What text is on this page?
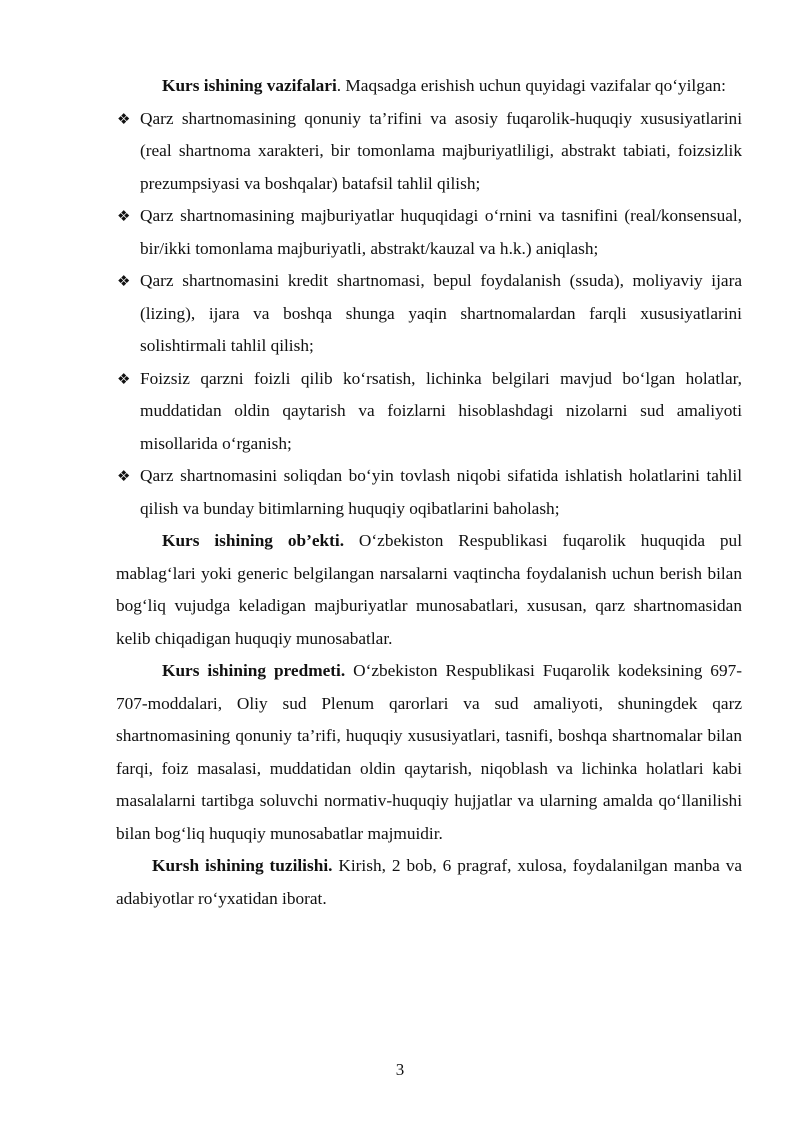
Kurs ishining vazifalari. Maqsadga erishish uchun quyidagi vazifalar qo‘yilgan:

❖ Qarz shartnomasining qonuniy ta’rifini va asosiy fuqarolik-huquqiy xususiyatlarini (real shartnoma xarakteri, bir tomonlama majburiyatliligi, abstrakt tabiati, foizsizlik prezumpsiyasi va boshqalar) batafsil tahlil qilish;
❖ Qarz shartnomasining majburiyatlar huquqidagi o‘rnini va tasnifini (real/konsensual, bir/ikki tomonlama majburiyatli, abstrakt/kauzal va h.k.) aniqlash;
❖ Qarz shartnomasini kredit shartnomasi, bepul foydalanish (ssuda), moliyaviy ijara (lizing), ijara va boshqa shunga yaqin shartnomalardan farqli xususiyatlarini solishtirmali tahlil qilish;
❖ Foizsiz qarzni foizli qilib ko‘rsatish, lichinka belgilari mavjud bo‘lgan holatlar, muddatidan oldin qaytarish va foizlarni hisoblashdagi nizolarni sud amaliyoti misollarida o‘rganish;
❖ Qarz shartnomasini soliqdan bo‘yin tovlash niqobi sifatida ishlatish holatlarini tahlil qilish va bunday bitimlarning huquqiy oqibatlarini baholash;

Kurs ishining ob’ekti. O‘zbekiston Respublikasi fuqarolik huquqida pul mablag‘lari yoki generic belgilangan narsalarni vaqtincha foydalanish uchun berish bilan bog‘liq vujudga keladigan majburiyatlar munosabatlari, xususan, qarz shartnomasidan kelib chiqadigan huquqiy munosabatlar.

Kurs ishining predmeti. O‘zbekiston Respublikasi Fuqarolik kodeksining 697-707-moddalari, Oliy sud Plenum qarorlari va sud amaliyoti, shuningdek qarz shartnomasining qonuniy ta’rifi, huquqiy xususiyatlari, tasnifi, boshqa shartnomalar bilan farqi, foiz masalasi, muddatidan oldin qaytarish, niqoblash va lichinka holatlari kabi masalalarni tartibga soluvchi normativ-huquqiy hujjatlar va ularning amalda qo‘llanilishi bilan bog‘liq huquqiy munosabatlar majmuidir.

Kursh ishining tuzilishi. Kirish, 2 bob, 6 pragraf, xulosa, foydalanilgan manba va adabiyotlar ro‘yxatidan iborat.

3
